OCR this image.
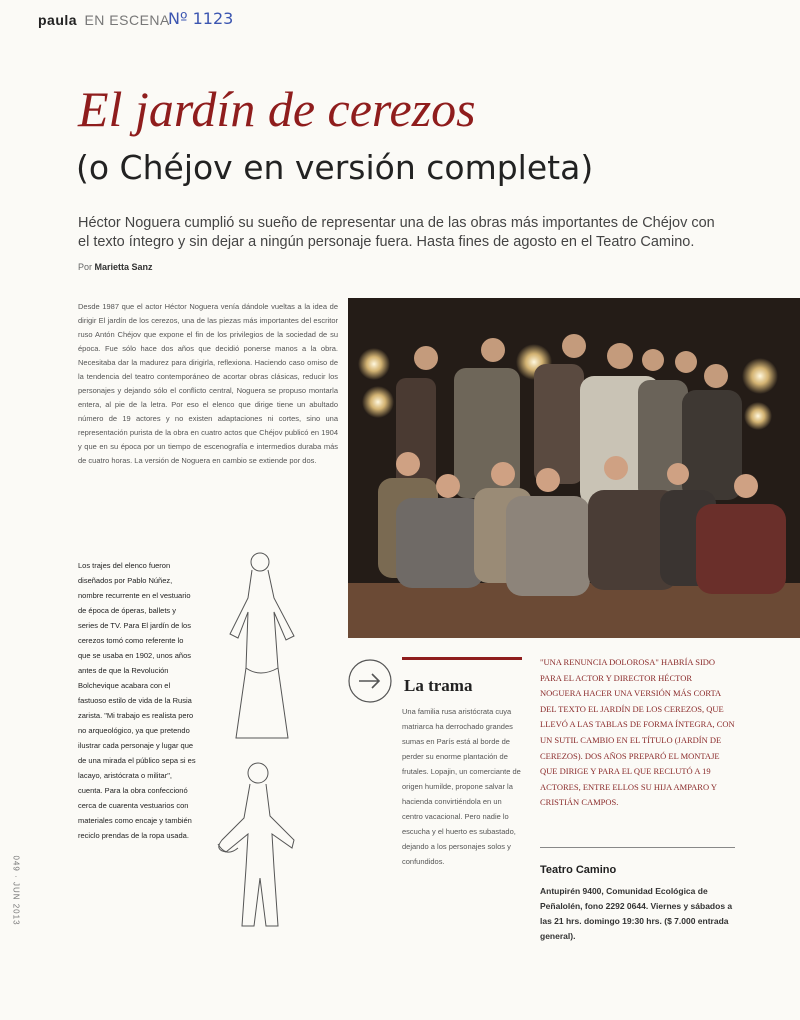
paula EN ESCENA
Nº 1123
El jardín de cerezos
(o Chéjov en versión completa)

Héctor Noguera cumplió su sueño de representar una de las obras más importantes de Chéjov con el texto íntegro y sin dejar a ningún personaje fuera. Hasta fines de agosto en el Teatro Camino.

Por Marietta Sanz

Desde 1987 que el actor Héctor Noguera venía dándole vueltas a la idea de dirigir El jardín de los cerezos, una de las piezas más importantes del escritor ruso Antón Chéjov que expone el fin de los privilegios de la sociedad de su época. Fue sólo hace dos años que decidió ponerse manos a la obra. Necesitaba dar la madurez para dirigirla, reflexiona. Haciendo caso omiso de la tendencia del teatro contemporáneo de acortar obras clásicas, reducir los personajes y dejando sólo el conflicto central, Noguera se propuso montarla entera, al pie de la letra. Por eso el elenco que dirige tiene un abultado número de 19 actores y no existen adaptaciones ni cortes, sino una representación purista de la obra en cuatro actos que Chéjov publicó en 1904 y que en su época por un tiempo de escenografía e intermedios duraba más de cuatro horas. La versión de Noguera en cambio se extiende por dos.

Los trajes del elenco fueron diseñados por Pablo Núñez, nombre recurrente en el vestuario de época de óperas, ballets y series de TV. Para El jardín de los cerezos tomó como referente lo que se usaba en 1902, unos años antes de que la Revolución Bolchevique acabara con el fastuoso estilo de vida de la Rusia zarista. "Mi trabajo es realista pero no arqueológico, ya que pretendo ilustrar cada personaje y lugar que de una mirada el público sepa si es lacayo, aristócrata o militar", cuenta. Para la obra confeccionó cerca de cuarenta vestuarios con materiales como encaje y también reciclo prendas de la ropa usada.

La trama

Una familia rusa aristócrata cuya matriarca ha derrochado grandes sumas en París está al borde de perder su enorme plantación de frutales. Lopajin, un comerciante de origen humilde, propone salvar la hacienda convirtiéndola en un centro vacacional. Pero nadie lo escucha y el huerto es subastado, dejando a los personajes solos y confundidos.

"UNA RENUNCIA DOLOROSA" HABRÍA SIDO PARA EL ACTOR Y DIRECTOR HÉCTOR NOGUERA HACER UNA VERSIÓN MÁS CORTA DEL TEXTO EL JARDÍN DE LOS CEREZOS, QUE LLEVÓ A LAS TABLAS DE FORMA ÍNTEGRA, CON UN SUTIL CAMBIO EN EL TÍTULO (JARDÍN DE CEREZOS). DOS AÑOS PREPARÓ EL MONTAJE QUE DIRIGE Y PARA EL QUE RECLUTÓ A 19 ACTORES, ENTRE ELLOS SU HIJA AMPARO Y CRISTIÁN CAMPOS.

Teatro Camino

Antupirén 9400, Comunidad Ecológica de Peñalolén, fono 2292 0644. Viernes y sábados a las 21 hrs. domingo 19:30 hrs. ($ 7.000 entrada general).

049 · JUN 2013
